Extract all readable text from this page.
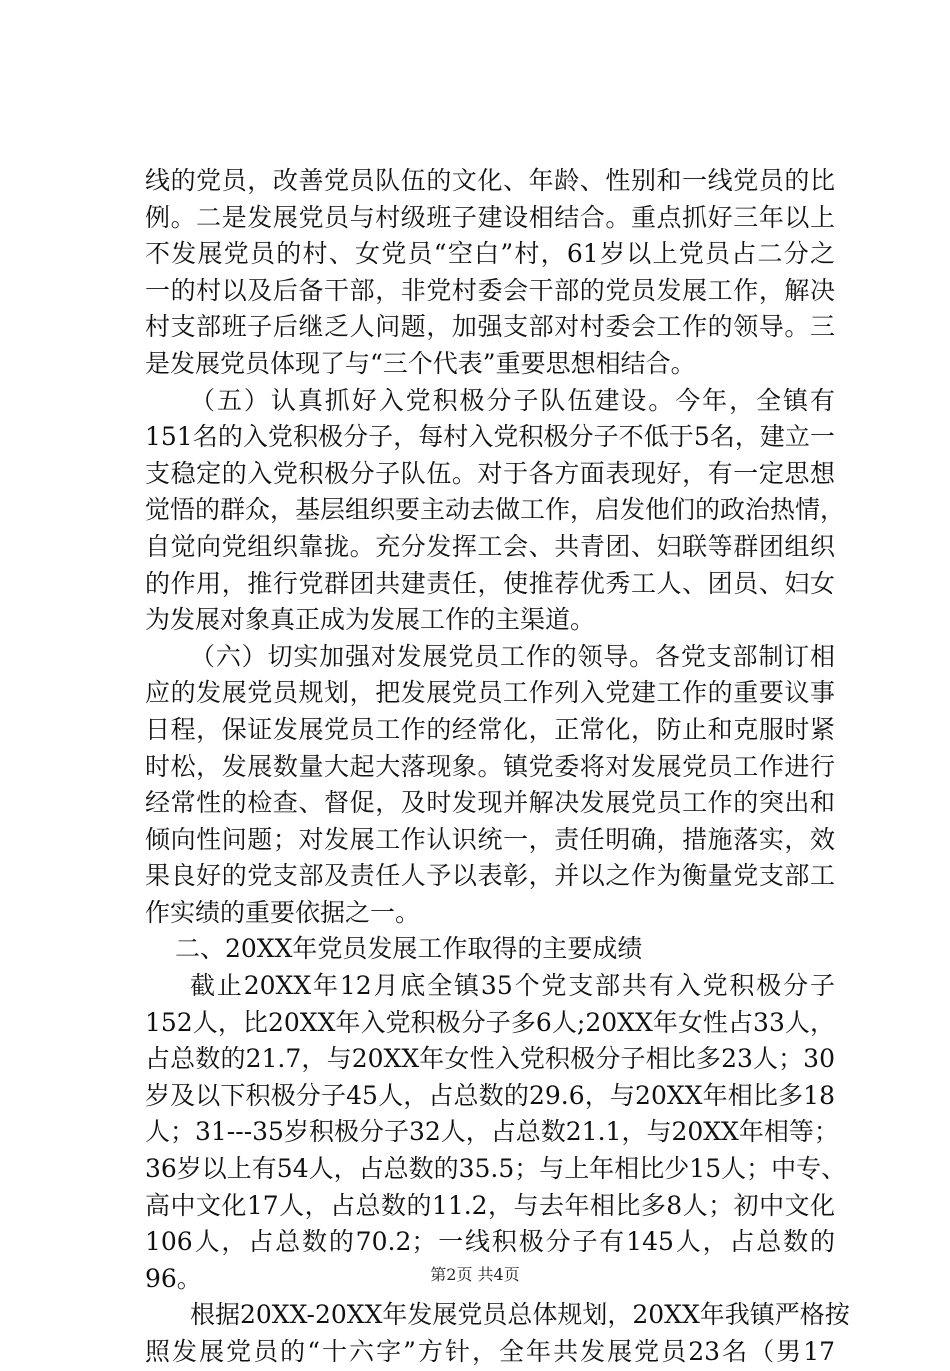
线的党员，改善党员队伍的文化、年龄、性别和一线党员的比
例。二是发展党员与村级班子建设相结合。重点抓好三年以上
不发展党员的村、女党员“空白”村，61岁以上党员占二分之
一的村以及后备干部，非党村委会干部的党员发展工作，解决
村支部班子后继乏人问题，加强支部对村委会工作的领导。三
是发展党员体现了与“三个代表”重要思想相结合。
（五）认真抓好入党积极分子队伍建设。今年，全镇有
151名的入党积极分子，每村入党积极分子不低于5名，建立一
支稳定的入党积极分子队伍。对于各方面表现好，有一定思想
觉悟的群众，基层组织要主动去做工作，启发他们的政治热情，
自觉向党组织靠拢。充分发挥工会、共青团、妇联等群团组织
的作用，推行党群团共建责任，使推荐优秀工人、团员、妇女
为发展对象真正成为发展工作的主渠道。
（六）切实加强对发展党员工作的领导。各党支部制订相
应的发展党员规划，把发展党员工作列入党建工作的重要议事
日程，保证发展党员工作的经常化，正常化，防止和克服时紧
时松，发展数量大起大落现象。镇党委将对发展党员工作进行
经常性的检查、督促，及时发现并解决发展党员工作的突出和
倾向性问题；对发展工作认识统一，责任明确，措施落实，效
果良好的党支部及责任人予以表彰，并以之作为衡量党支部工
作实绩的重要依据之一。
二、20XX年党员发展工作取得的主要成绩
截止20XX年12月底全镇35个党支部共有入党积极分子
152人，比20XX年入党积极分子多6人;20XX年女性占33人，
占总数的21.7，与20XX年女性入党积极分子相比多23人；30
岁及以下积极分子45人，占总数的29.6，与20XX年相比多18
人；31---35岁积极分子32人，占总数21.1，与20XX年相等；
36岁以上有54人，占总数的35.5；与上年相比少15人；中专、
高中文化17人，占总数的11.2，与去年相比多8人；初中文化
106人，占总数的70.2；一线积极分子有145人，占总数的
96。
根据20XX-20XX年发展党员总体规划，20XX年我镇严格按
照发展党员的“十六字”方针，全年共发展党员23名（男17
第2页 共4页
